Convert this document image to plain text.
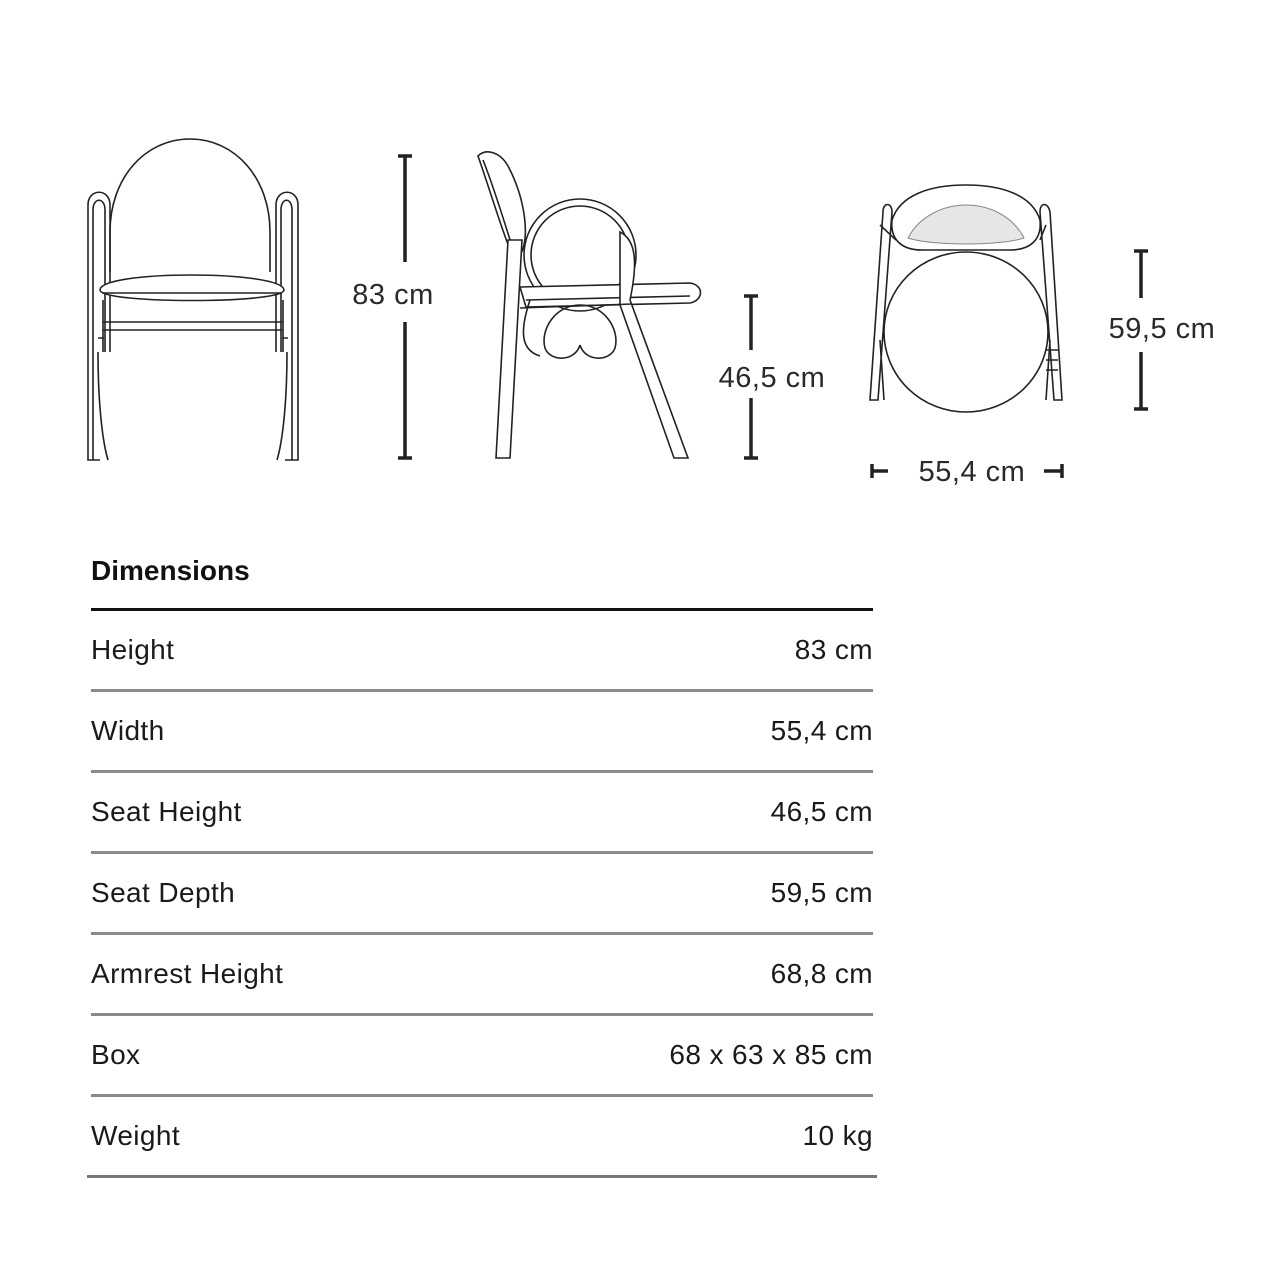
83 cm
46,5 cm
59,5 cm
55,4 cm
Dimensions
Height	83 cm
Width	55,4 cm
Seat Height	46,5 cm
Seat Depth	59,5 cm
Armrest Height	68,8 cm
Box	68 x 63 x 85 cm
Weight	10 kg
